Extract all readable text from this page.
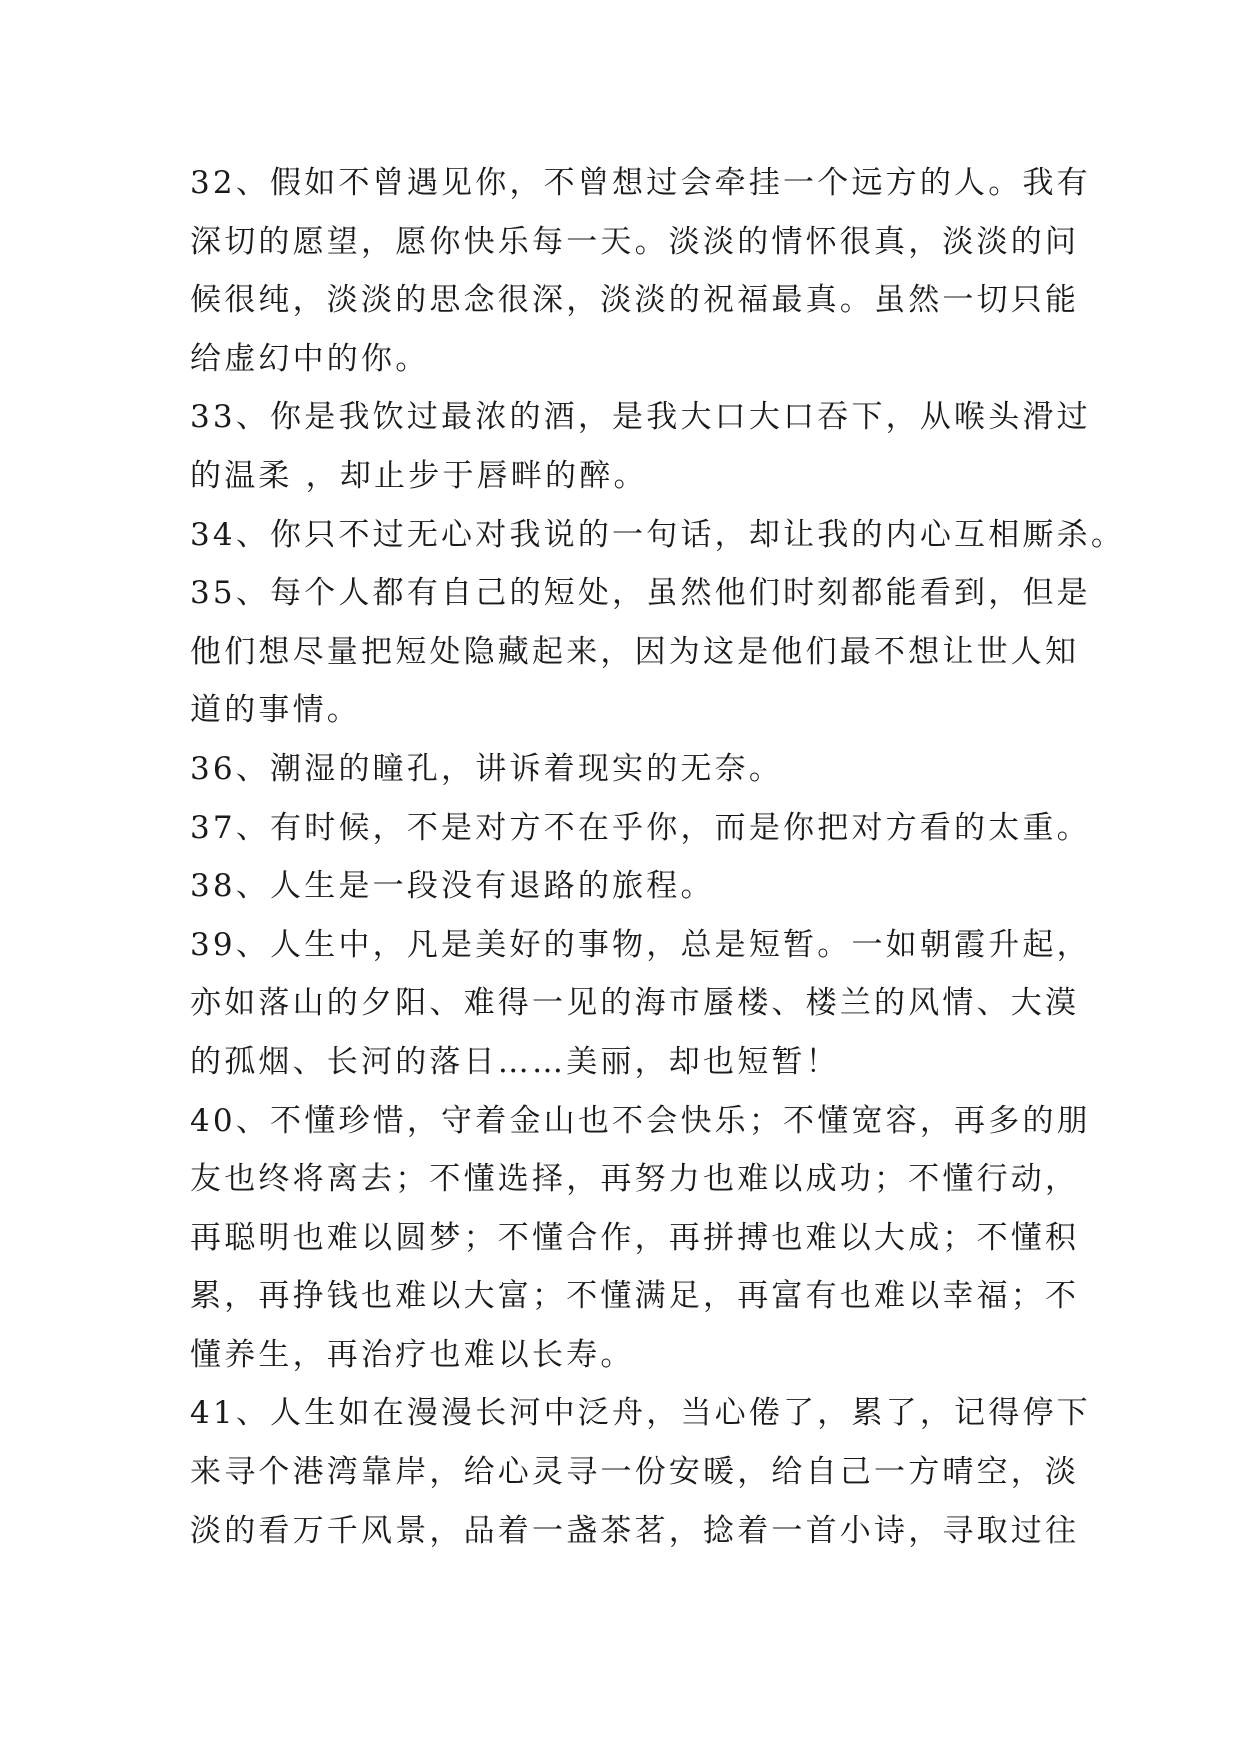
32、假如不曾遇见你，不曾想过会牵挂一个远方的人。我有
深切的愿望，愿你快乐每一天。淡淡的情怀很真，淡淡的问
候很纯，淡淡的思念很深，淡淡的祝福最真。虽然一切只能
给虚幻中的你。

33、你是我饮过最浓的酒，是我大口大口吞下，从喉头滑过
的温柔 ，却止步于唇畔的醉。

34、你只不过无心对我说的一句话，却让我的内心互相厮杀。

35、每个人都有自己的短处，虽然他们时刻都能看到，但是
他们想尽量把短处隐藏起来，因为这是他们最不想让世人知
道的事情。

36、潮湿的瞳孔，讲诉着现实的无奈。

37、有时候，不是对方不在乎你，而是你把对方看的太重。

38、人生是一段没有退路的旅程。

39、人生中，凡是美好的事物，总是短暂。一如朝霞升起，
亦如落山的夕阳、难得一见的海市蜃楼、楼兰的风情、大漠
的孤烟、长河的落日……美丽，却也短暂！

40、不懂珍惜，守着金山也不会快乐；不懂宽容，再多的朋
友也终将离去；不懂选择，再努力也难以成功；不懂行动，
再聪明也难以圆梦；不懂合作，再拼搏也难以大成；不懂积
累，再挣钱也难以大富；不懂满足，再富有也难以幸福；不
懂养生，再治疗也难以长寿。

41、人生如在漫漫长河中泛舟，当心倦了，累了，记得停下
来寻个港湾靠岸，给心灵寻一份安暖，给自己一方晴空，淡
淡的看万千风景，品着一盏茶茗，捻着一首小诗，寻取过往
